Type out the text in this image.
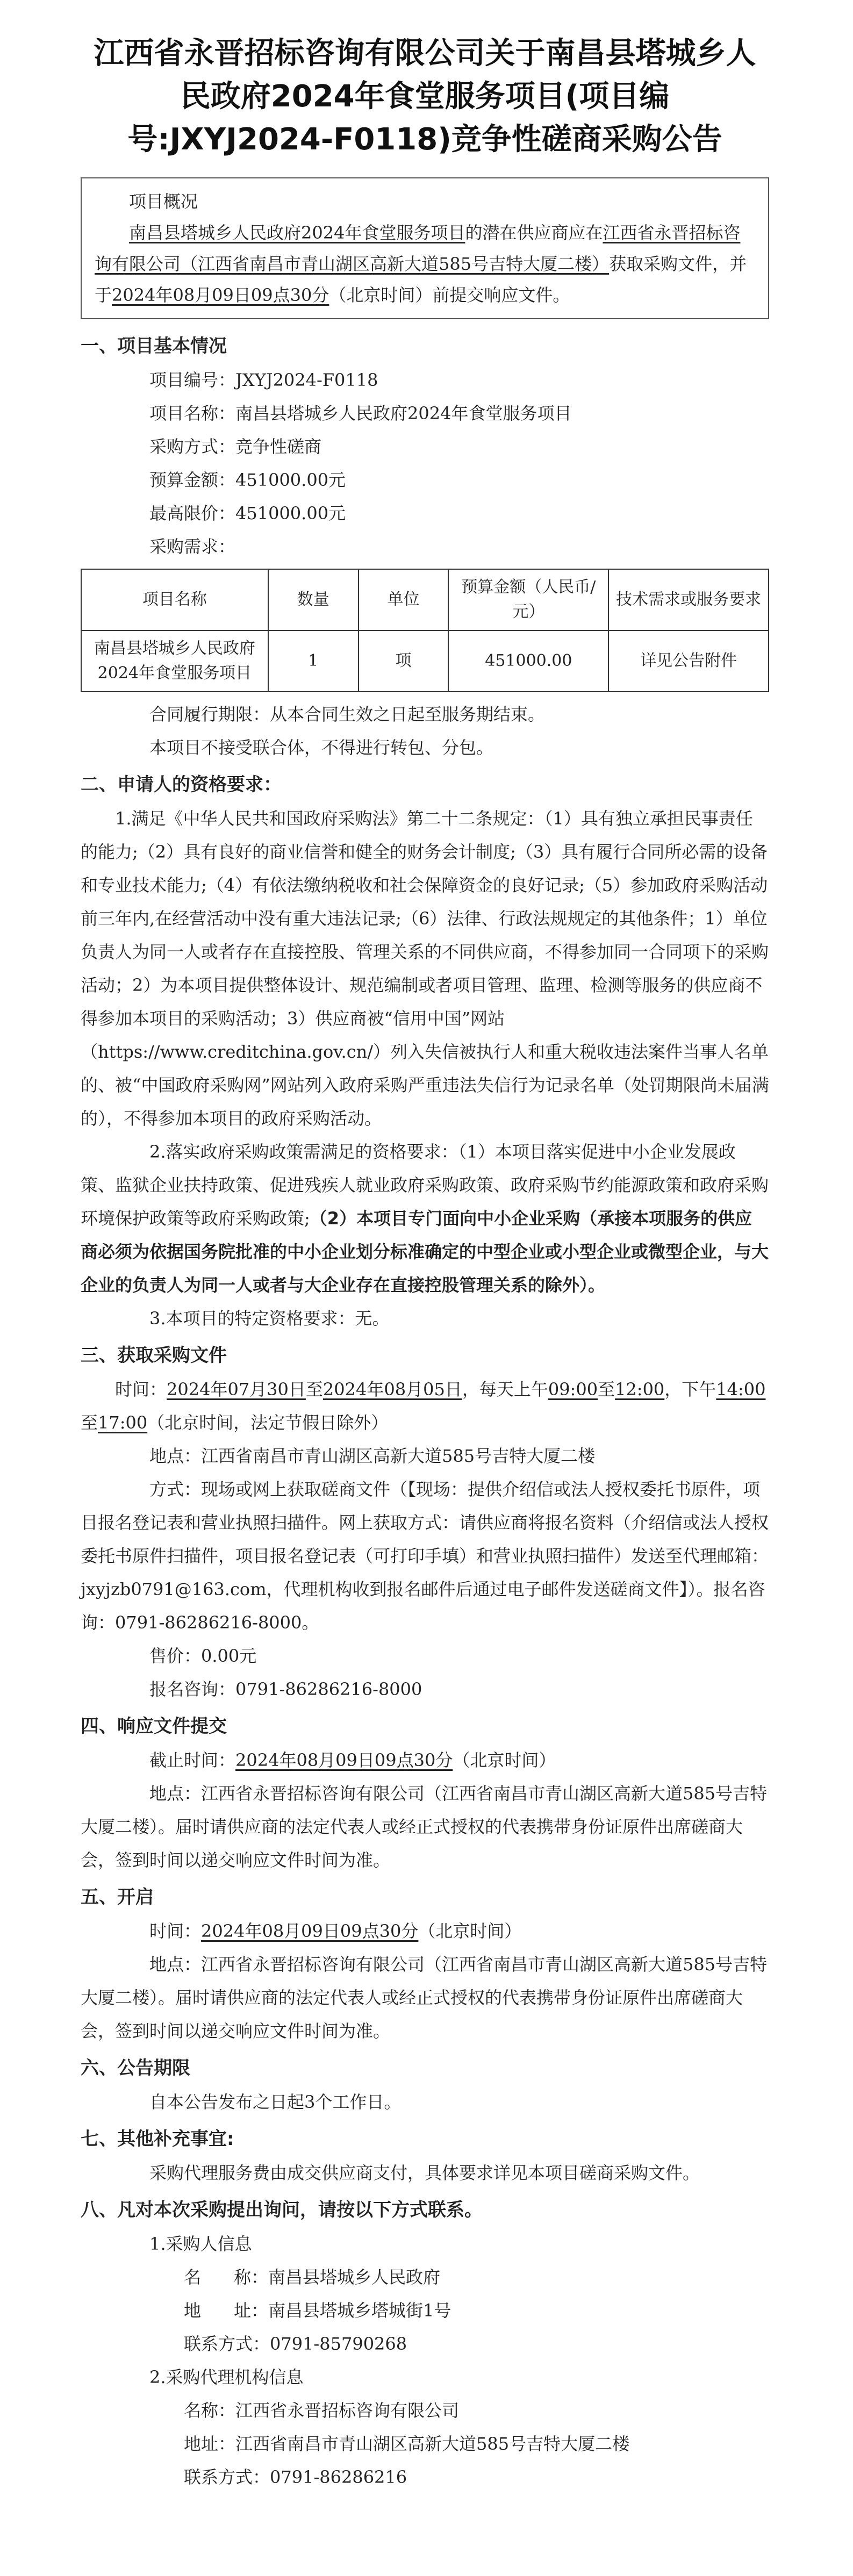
江西省永晋招标咨询有限公司关于南昌县塔城乡人民政府2024年食堂服务项目(项目编号:JXYJ2024-F0118)竞争性磋商采购公告
项目概况
南昌县塔城乡人民政府2024年食堂服务项目的潜在供应商应在江西省永晋招标咨询有限公司（江西省南昌市青山湖区高新大道585号吉特大厦二楼）获取采购文件，并于2024年08月09日09点30分（北京时间）前提交响应文件。
一、项目基本情况

项目编号：JXYJ2024-F0118

项目名称：南昌县塔城乡人民政府2024年食堂服务项目

采购方式：竞争性磋商

预算金额：451000.00元

最高限价：451000.00元

采购需求：

项目名称	数量	单位	预算金额（人民币/元）	技术需求或服务要求
南昌县塔城乡人民政府2024年食堂服务项目	1	项	451000.00	详见公告附件

合同履行期限：从本合同生效之日起至服务期结束。

本项目不接受联合体，不得进行转包、分包。

二、申请人的资格要求：

1.满足《中华人民共和国政府采购法》第二十二条规定：（1）具有独立承担民事责任的能力;（2）具有良好的商业信誉和健全的财务会计制度;（3）具有履行合同所必需的设备和专业技术能力;（4）有依法缴纳税收和社会保障资金的良好记录;（5）参加政府采购活动前三年内,在经营活动中没有重大违法记录;（6）法律、行政法规规定的其他条件；1）单位负责人为同一人或者存在直接控股、管理关系的不同供应商，不得参加同一合同项下的采购活动；2）为本项目提供整体设计、规范编制或者项目管理、监理、检测等服务的供应商不得参加本项目的采购活动；3）供应商被“信用中国”网站（https://www.creditchina.gov.cn/）列入失信被执行人和重大税收违法案件当事人名单的、被“中国政府采购网”网站列入政府采购严重违法失信行为记录名单（处罚期限尚未届满的），不得参加本项目的政府采购活动。

2.落实政府采购政策需满足的资格要求：（1）本项目落实促进中小企业发展政策、监狱企业扶持政策、促进残疾人就业政府采购政策、政府采购节约能源政策和政府采购环境保护政策等政府采购政策;（2）本项目专门面向中小企业采购（承接本项服务的供应商必须为依据国务院批准的中小企业划分标准确定的中型企业或小型企业或微型企业，与大企业的负责人为同一人或者与大企业存在直接控股管理关系的除外）。

3.本项目的特定资格要求：无。

三、获取采购文件

时间：2024年07月30日至2024年08月05日，每天上午09:00至12:00，下午14:00至17:00（北京时间，法定节假日除外）

地点：江西省南昌市青山湖区高新大道585号吉特大厦二楼

方式：现场或网上获取磋商文件（【现场：提供介绍信或法人授权委托书原件，项目报名登记表和营业执照扫描件。网上获取方式：请供应商将报名资料（介绍信或法人授权委托书原件扫描件，项目报名登记表（可打印手填）和营业执照扫描件）发送至代理邮箱：jxyjzb0791@163.com，代理机构收到报名邮件后通过电子邮件发送磋商文件】）。报名咨询：0791-86286216-8000。

售价：0.00元

报名咨询：0791-86286216-8000

四、响应文件提交

截止时间：2024年08月09日09点30分（北京时间）

地点：江西省永晋招标咨询有限公司（江西省南昌市青山湖区高新大道585号吉特大厦二楼）。届时请供应商的法定代表人或经正式授权的代表携带身份证原件出席磋商大会，签到时间以递交响应文件时间为准。

五、开启

时间：2024年08月09日09点30分（北京时间）

地点：江西省永晋招标咨询有限公司（江西省南昌市青山湖区高新大道585号吉特大厦二楼）。届时请供应商的法定代表人或经正式授权的代表携带身份证原件出席磋商大会，签到时间以递交响应文件时间为准。

六、公告期限

自本公告发布之日起3个工作日。

七、其他补充事宜:

采购代理服务费由成交供应商支付，具体要求详见本项目磋商采购文件。

八、凡对本次采购提出询问，请按以下方式联系。

1.采购人信息

名      称：南昌县塔城乡人民政府

地      址：南昌县塔城乡塔城街1号

联系方式：0791-85790268

2.采购代理机构信息

名称：江西省永晋招标咨询有限公司

地址：江西省南昌市青山湖区高新大道585号吉特大厦二楼

联系方式：0791-86286216
